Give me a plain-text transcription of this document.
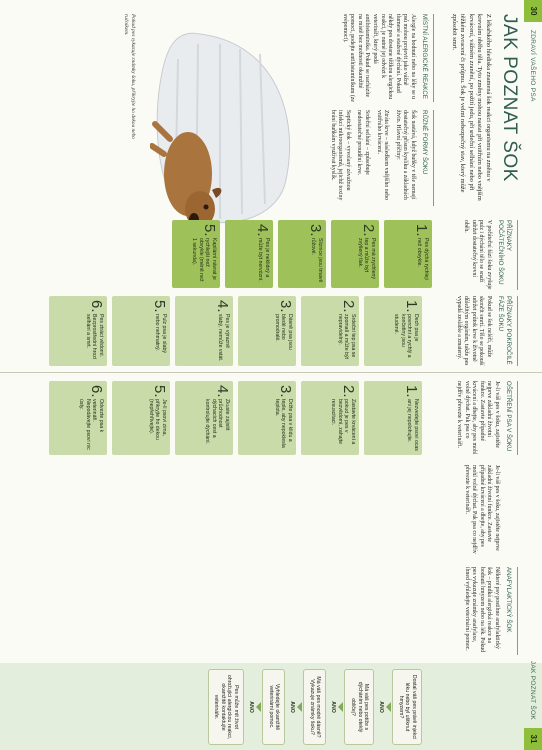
30
ZDRAVÍ VAŠEHO PSA
JAK POZNAT ŠOK
Z lékařského hlediska znamená šok reakci organismu na změnu v krevním oběhu těla. Tyto změny mohou nastat při vnitřním nebo vnějším krvácení, vážném zranění, po požití jedu, při srdeční selhání nebo při těžkém zvracení či průjmu. Šok je velmi nebezpečný stav, který může způsobit smrt.
MÍSTNÍ ALERGICKÉ REAKCE

Alergie na bodnutí nebo na léky se u psů mohou projevit jako vážně tlumené a stažené dýchání. Pokud někdy pes dostane těžkou alergickou reakci, je nutné jej odvézt k veterináři, který podá antihistaminika. Pokud se nacházíte na místě bez možnosti okamžité pomoci, podejte antihistaminikum (ze svépomoci).

RŮZNÉ FORMY ŠOKU

Šok nastává, když buňky v těle nemají dostatečný přísun kyslíku a základních živin. Hlavní příčiny:

Ztráta krve – následkem vnějšího nebo vnitřního krvácení.

Srdeční selhání – způsobuje nedostatečné proudění krve.

Septický šok – vyvolaný závažnou infekcí mikroorganismů, jejichž toxiny brání buňkám využívat kyslík.

Pokud pes vykazuje známky šoku, přikryjte ho dekou nebo ručníkem.
PŘÍZNAKY POČÁTEČNÍHO ŠOKU

V počáteční fázi šoku zvyšuje pulz i dýchání tělo se snaží udržet dostatečný krevní oběh.

1.
Pes dýchá rychleji než obvykle.
2.
Pes má zrychlený tep a může být zvýšený tlak.
3.
Sliznice jsou tmavě růžové.
4.
Pes je neklidný a může být nervózní.
5.
Kapilární návrat je rychlejší než obvykle (méně než 1 sekunda).
PŘÍZNAKY POKROČILÉ FÁZE ŠOKU

Pokud se šok neléčí, může skončit smrtí. Tělo se pokouší udržet průtok krve k životně důležitým orgánům, takže pes vypadá zesláble a zmatený.

1.
Dech psa je povrchní a rychlý a končetiny jsou studené.
2.
Srdeční tep psa se zpomalí a může být nepravidelný.
3.
Dásně psa jsou bledé nebo promodralé.
4.
Pes je výrazně slabý, nemůže vstát.
5.
Pulz psa je slabý nebo nehmatný.
6.
Pes ztrácí vědomí. Bezprostřední hrozí selhání a smrt.
31
JAK POZNAT ŠOK
OŠETŘENÍ PSA V ŠOKU

Je-li váš pes v šoku, zajistěte nejprve základní životní funkce. Zastavte případné krvácení a dbejte, aby pes mohl volně dýchat. Pak psa co nejdřív převezte k veterináři.

1.
Nezvedejte psovi ocas ani jej nepolohujte.
2.
Zastavte krvácení a pokud je pes v bezvědomí, zahajte resuscitaci.
3.
Držte psa v klidu a teple, aby nepoklesla teplota.
4.
Zkuste zajistit průchodnost dýchacích cest a kontrolujte dýchání.
5.
Je-li psovi zima, přikryjte ho dekou (nepřehřívejte).
6.
Odvezte psa k veterináři. Nepodávejte psovi nic ústy.

Je-li váš pes v šoku, zajistěte nejprve základní životní funkce. Zastavte případné krvácení a dbejte, aby pes mohl volně dýchat. Pak psa co nejdřív převezte k veterináři.

ANAFYLAKTICKÝ ŠOK

Některé psy postihne anafylaktický šok – prudká alergická reakce na bodnutí hmyzem nebo na lék. Pokud pes vykazuje známky anafylaxe, ihned vyhledejte veterinární pomoc.

Dostal váš pes právě injekci léku nebo byl uštknut hmyzem?
ANO
Má váš pes potíže s dýcháním nebo oteklý obličej?
ANO
Má váš pes modré dásně? Vykazuje známky šoku?
ANO
Vyhledejte okamžitě veterinární pomoc.
ANO
Pes může mít život ohrožující alergickou reakci, okamžitě kontaktujte veterináře.
